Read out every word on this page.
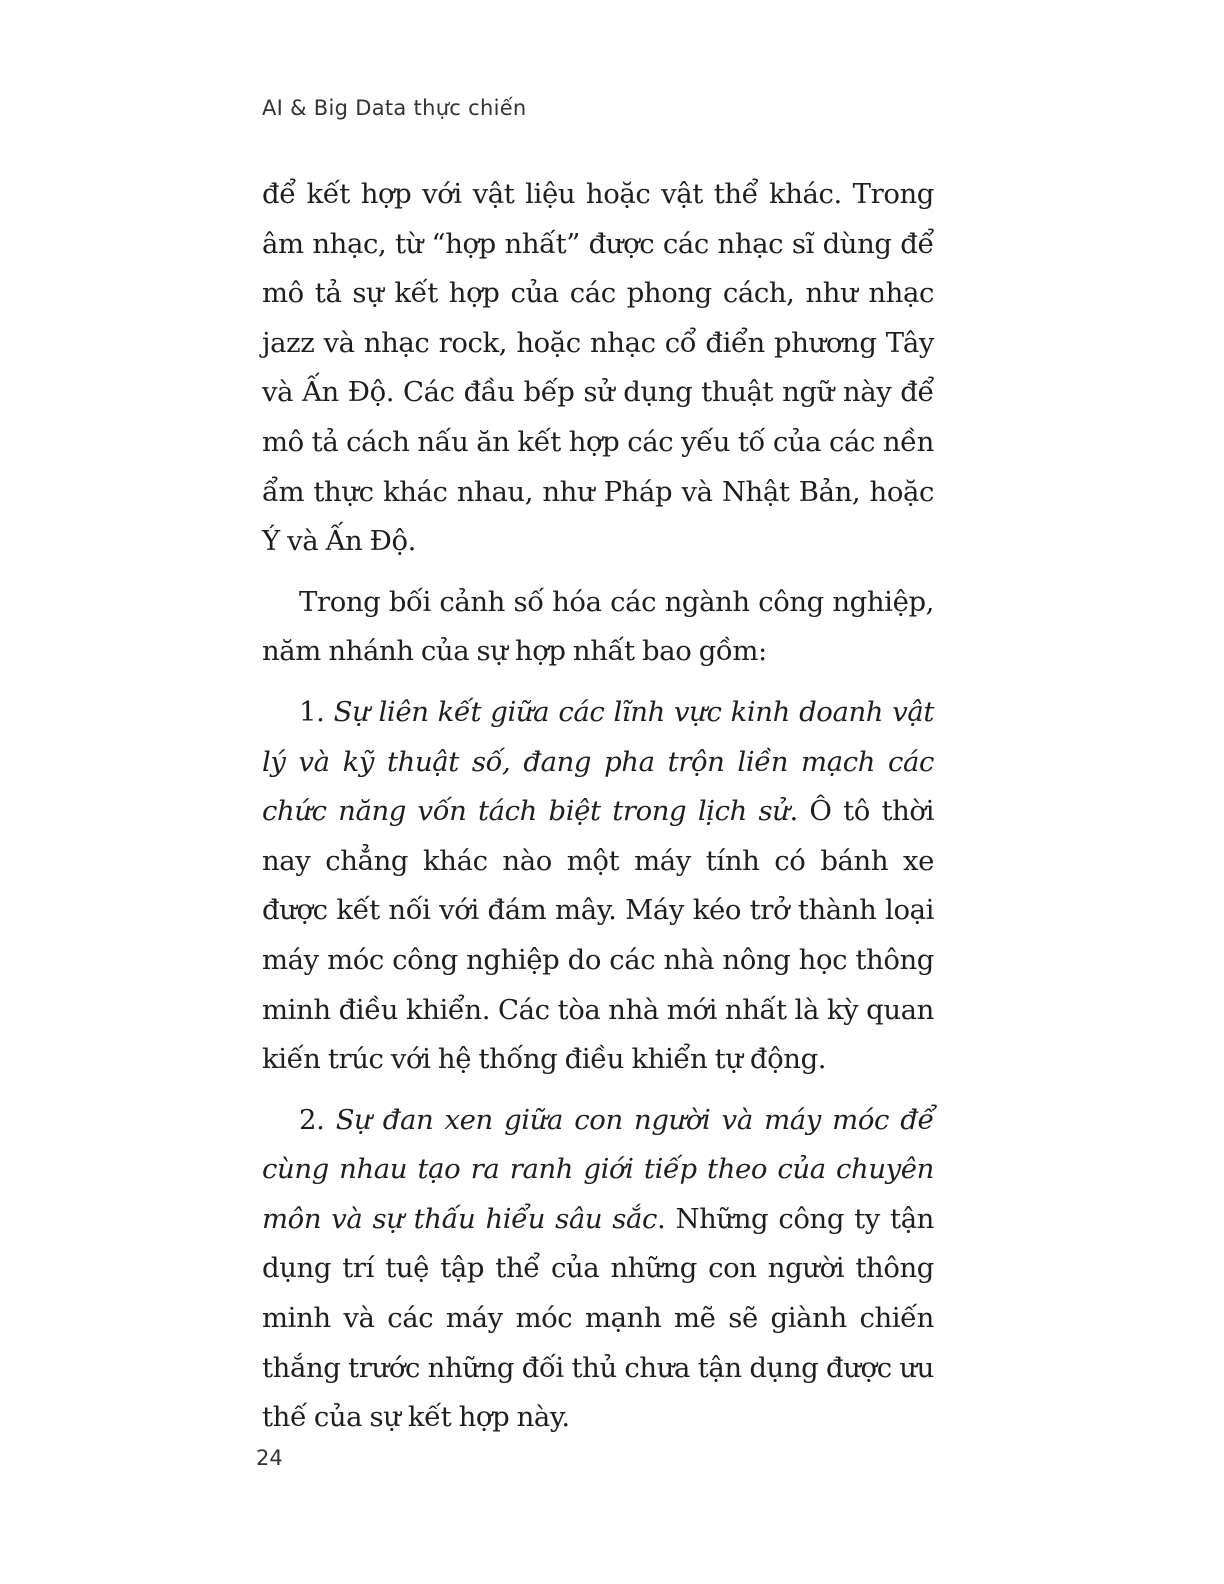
AI & Big Data thực chiến

để kết hợp với vật liệu hoặc vật thể khác. Trong âm nhạc, từ “hợp nhất” được các nhạc sĩ dùng để mô tả sự kết hợp của các phong cách, như nhạc jazz và nhạc rock, hoặc nhạc cổ điển phương Tây và Ấn Độ. Các đầu bếp sử dụng thuật ngữ này để mô tả cách nấu ăn kết hợp các yếu tố của các nền ẩm thực khác nhau, như Pháp và Nhật Bản, hoặc Ý và Ấn Độ.

Trong bối cảnh số hóa các ngành công nghiệp, năm nhánh của sự hợp nhất bao gồm:

1. Sự liên kết giữa các lĩnh vực kinh doanh vật lý và kỹ thuật số, đang pha trộn liền mạch các chức năng vốn tách biệt trong lịch sử. Ô tô thời nay chẳng khác nào một máy tính có bánh xe được kết nối với đám mây. Máy kéo trở thành loại máy móc công nghiệp do các nhà nông học thông minh điều khiển. Các tòa nhà mới nhất là kỳ quan kiến trúc với hệ thống điều khiển tự động.

2. Sự đan xen giữa con người và máy móc để cùng nhau tạo ra ranh giới tiếp theo của chuyên môn và sự thấu hiểu sâu sắc. Những công ty tận dụng trí tuệ tập thể của những con người thông minh và các máy móc mạnh mẽ sẽ giành chiến thắng trước những đối thủ chưa tận dụng được ưu thế của sự kết hợp này.

24
